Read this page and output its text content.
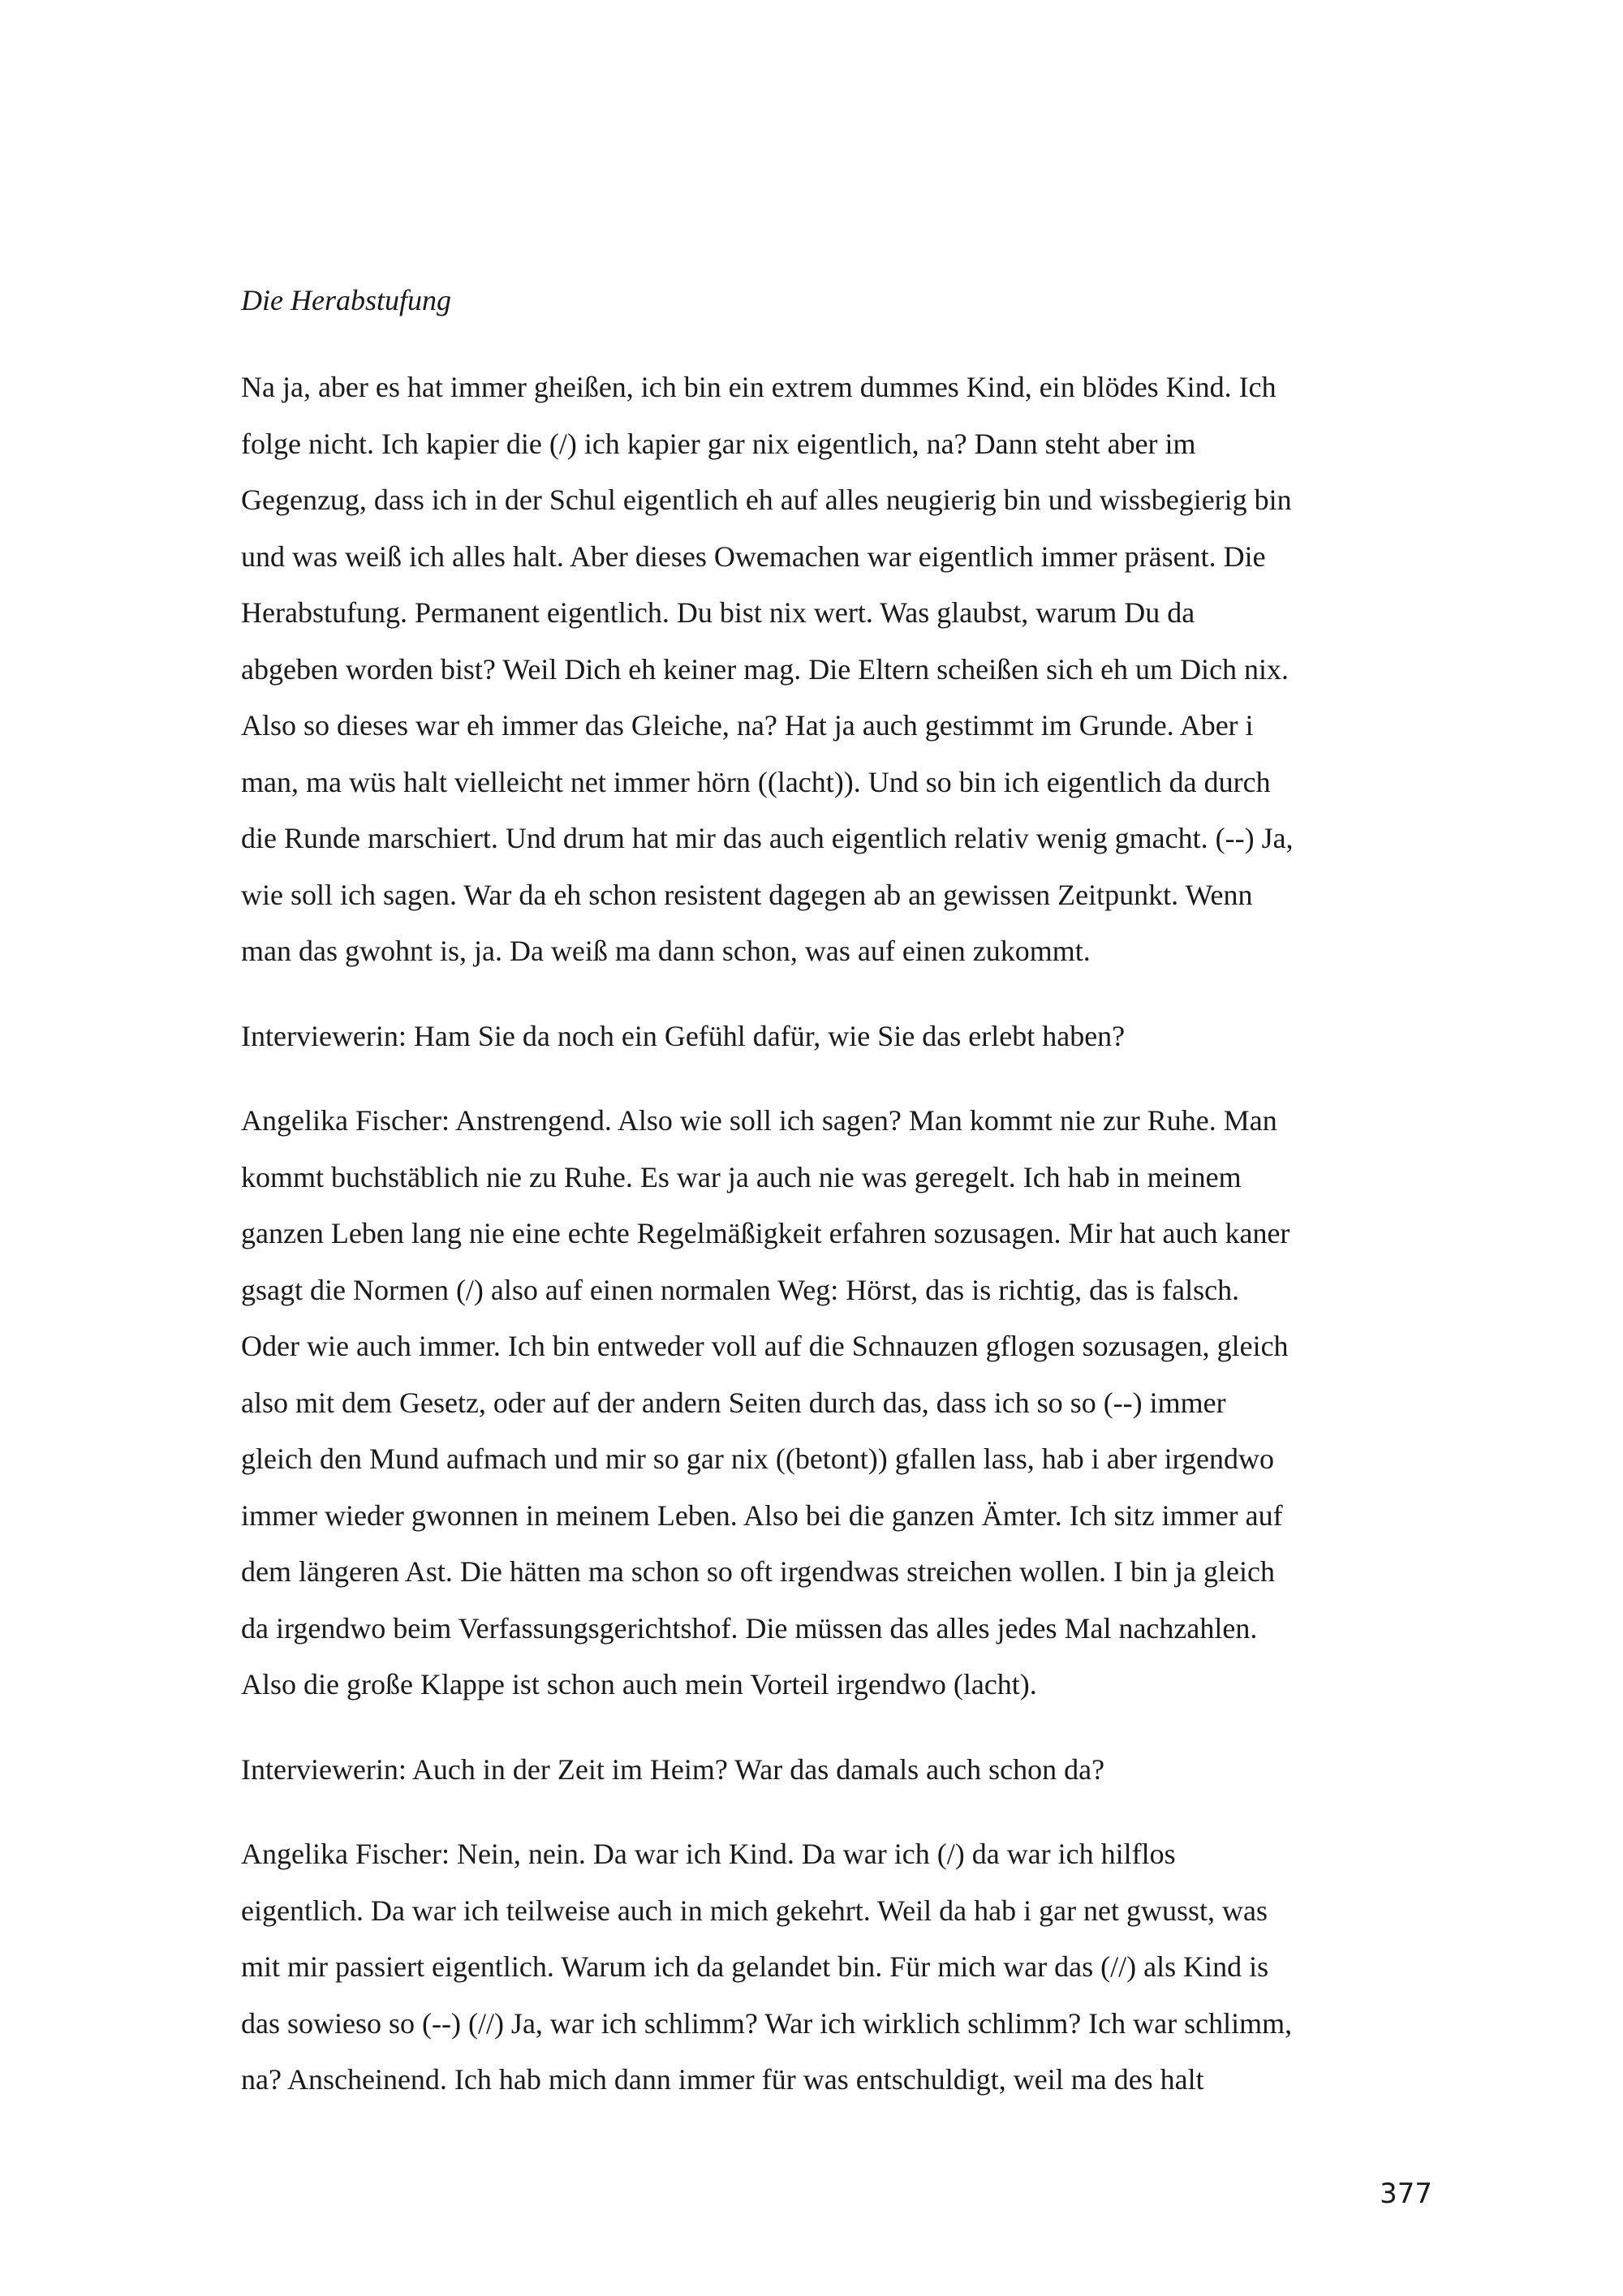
Die Herabstufung
Na ja, aber es hat immer gheißen, ich bin ein extrem dummes Kind, ein blödes Kind. Ich
folge nicht. Ich kapier die (/) ich kapier gar nix eigentlich, na? Dann steht aber im
Gegenzug, dass ich in der Schul eigentlich eh auf alles neugierig bin und wissbegierig bin
und was weiß ich alles halt. Aber dieses Owemachen war eigentlich immer präsent. Die
Herabstufung. Permanent eigentlich. Du bist nix wert. Was glaubst, warum Du da
abgeben worden bist? Weil Dich eh keiner mag. Die Eltern scheißen sich eh um Dich nix.
Also so dieses war eh immer das Gleiche, na? Hat ja auch gestimmt im Grunde. Aber i
man, ma wüs halt vielleicht net immer hörn ((lacht)). Und so bin ich eigentlich da durch
die Runde marschiert. Und drum hat mir das auch eigentlich relativ wenig gmacht. (--) Ja,
wie soll ich sagen. War da eh schon resistent dagegen ab an gewissen Zeitpunkt. Wenn
man das gwohnt is, ja. Da weiß ma dann schon, was auf einen zukommt.
Interviewerin: Ham Sie da noch ein Gefühl dafür, wie Sie das erlebt haben?
Angelika Fischer: Anstrengend. Also wie soll ich sagen? Man kommt nie zur Ruhe. Man
kommt buchstäblich nie zu Ruhe. Es war ja auch nie was geregelt. Ich hab in meinem
ganzen Leben lang nie eine echte Regelmäßigkeit erfahren sozusagen. Mir hat auch kaner
gsagt die Normen (/) also auf einen normalen Weg: Hörst, das is richtig, das is falsch.
Oder wie auch immer. Ich bin entweder voll auf die Schnauzen gflogen sozusagen, gleich
also mit dem Gesetz, oder auf der andern Seiten durch das, dass ich so so (--) immer
gleich den Mund aufmach und mir so gar nix ((betont)) gfallen lass, hab i aber irgendwo
immer wieder gwonnen in meinem Leben. Also bei die ganzen Ämter. Ich sitz immer auf
dem längeren Ast. Die hätten ma schon so oft irgendwas streichen wollen. I bin ja gleich
da irgendwo beim Verfassungsgerichtshof. Die müssen das alles jedes Mal nachzahlen.
Also die große Klappe ist schon auch mein Vorteil irgendwo (lacht).
Interviewerin: Auch in der Zeit im Heim? War das damals auch schon da?
Angelika Fischer: Nein, nein. Da war ich Kind. Da war ich (/) da war ich hilflos
eigentlich. Da war ich teilweise auch in mich gekehrt. Weil da hab i gar net gwusst, was
mit mir passiert eigentlich. Warum ich da gelandet bin. Für mich war das (//) als Kind is
das sowieso so (--) (//) Ja, war ich schlimm? War ich wirklich schlimm? Ich war schlimm,
na? Anscheinend. Ich hab mich dann immer für was entschuldigt, weil ma des halt
377
